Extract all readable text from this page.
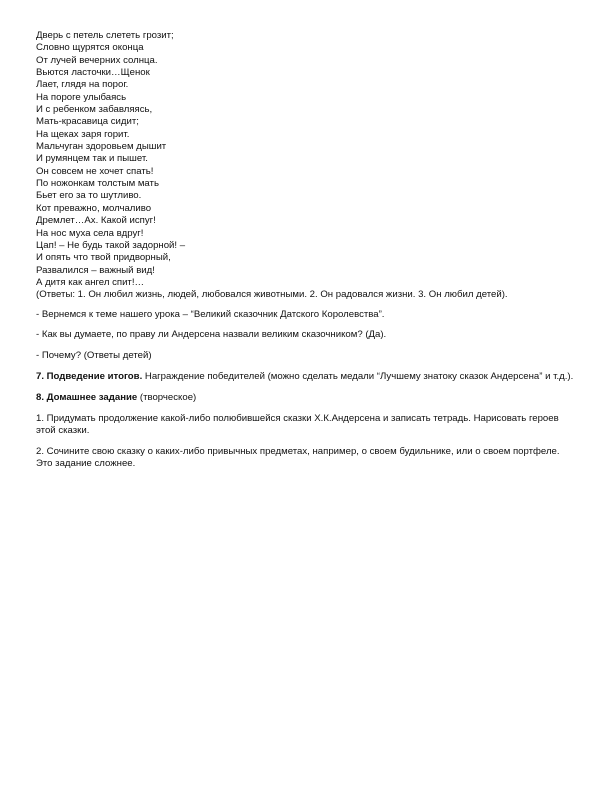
Дверь с петель слететь грозит;
Словно щурятся оконца
От лучей вечерних солнца.
Вьются ласточки…Щенок
Лает, глядя на порог.
На пороге улыбаясь
И с ребенком забавляясь,
Мать-красавица сидит;
На щеках заря горит.
Мальчуган здоровьем дышит
И румянцем так и пышет.
Он совсем не хочет спать!
По ножонкам толстым мать
Бьет его за то шутливо.
Кот преважно, молчаливо
Дремлет…Ах. Какой испуг!
На нос муха села вдруг!
Цап! – Не будь такой задорной! –
И опять что твой придворный,
Развалился – важный вид!
А дитя как ангел спит!…
(Ответы: 1. Он любил жизнь, людей, любовался животными. 2. Он радовался жизни. 3. Он любил детей).

- Вернемся к теме нашего урока – “Великий сказочник Датского Королевства”.

- Как вы думаете, по праву ли Андерсена назвали великим сказочником? (Да).

- Почему? (Ответы детей)

7. Подведение итогов. Награждение победителей (можно сделать медали “Лучшему знатоку сказок Андерсена” и т.д.).

8. Домашнее задание (творческое)

1. Придумать продолжение какой-либо полюбившейся сказки Х.К.Андерсена и записать тетрадь. Нарисовать героев этой сказки.

2. Сочините свою сказку о каких-либо привычных предметах, например, о своем будильнике, или о своем портфеле. Это задание сложнее.
